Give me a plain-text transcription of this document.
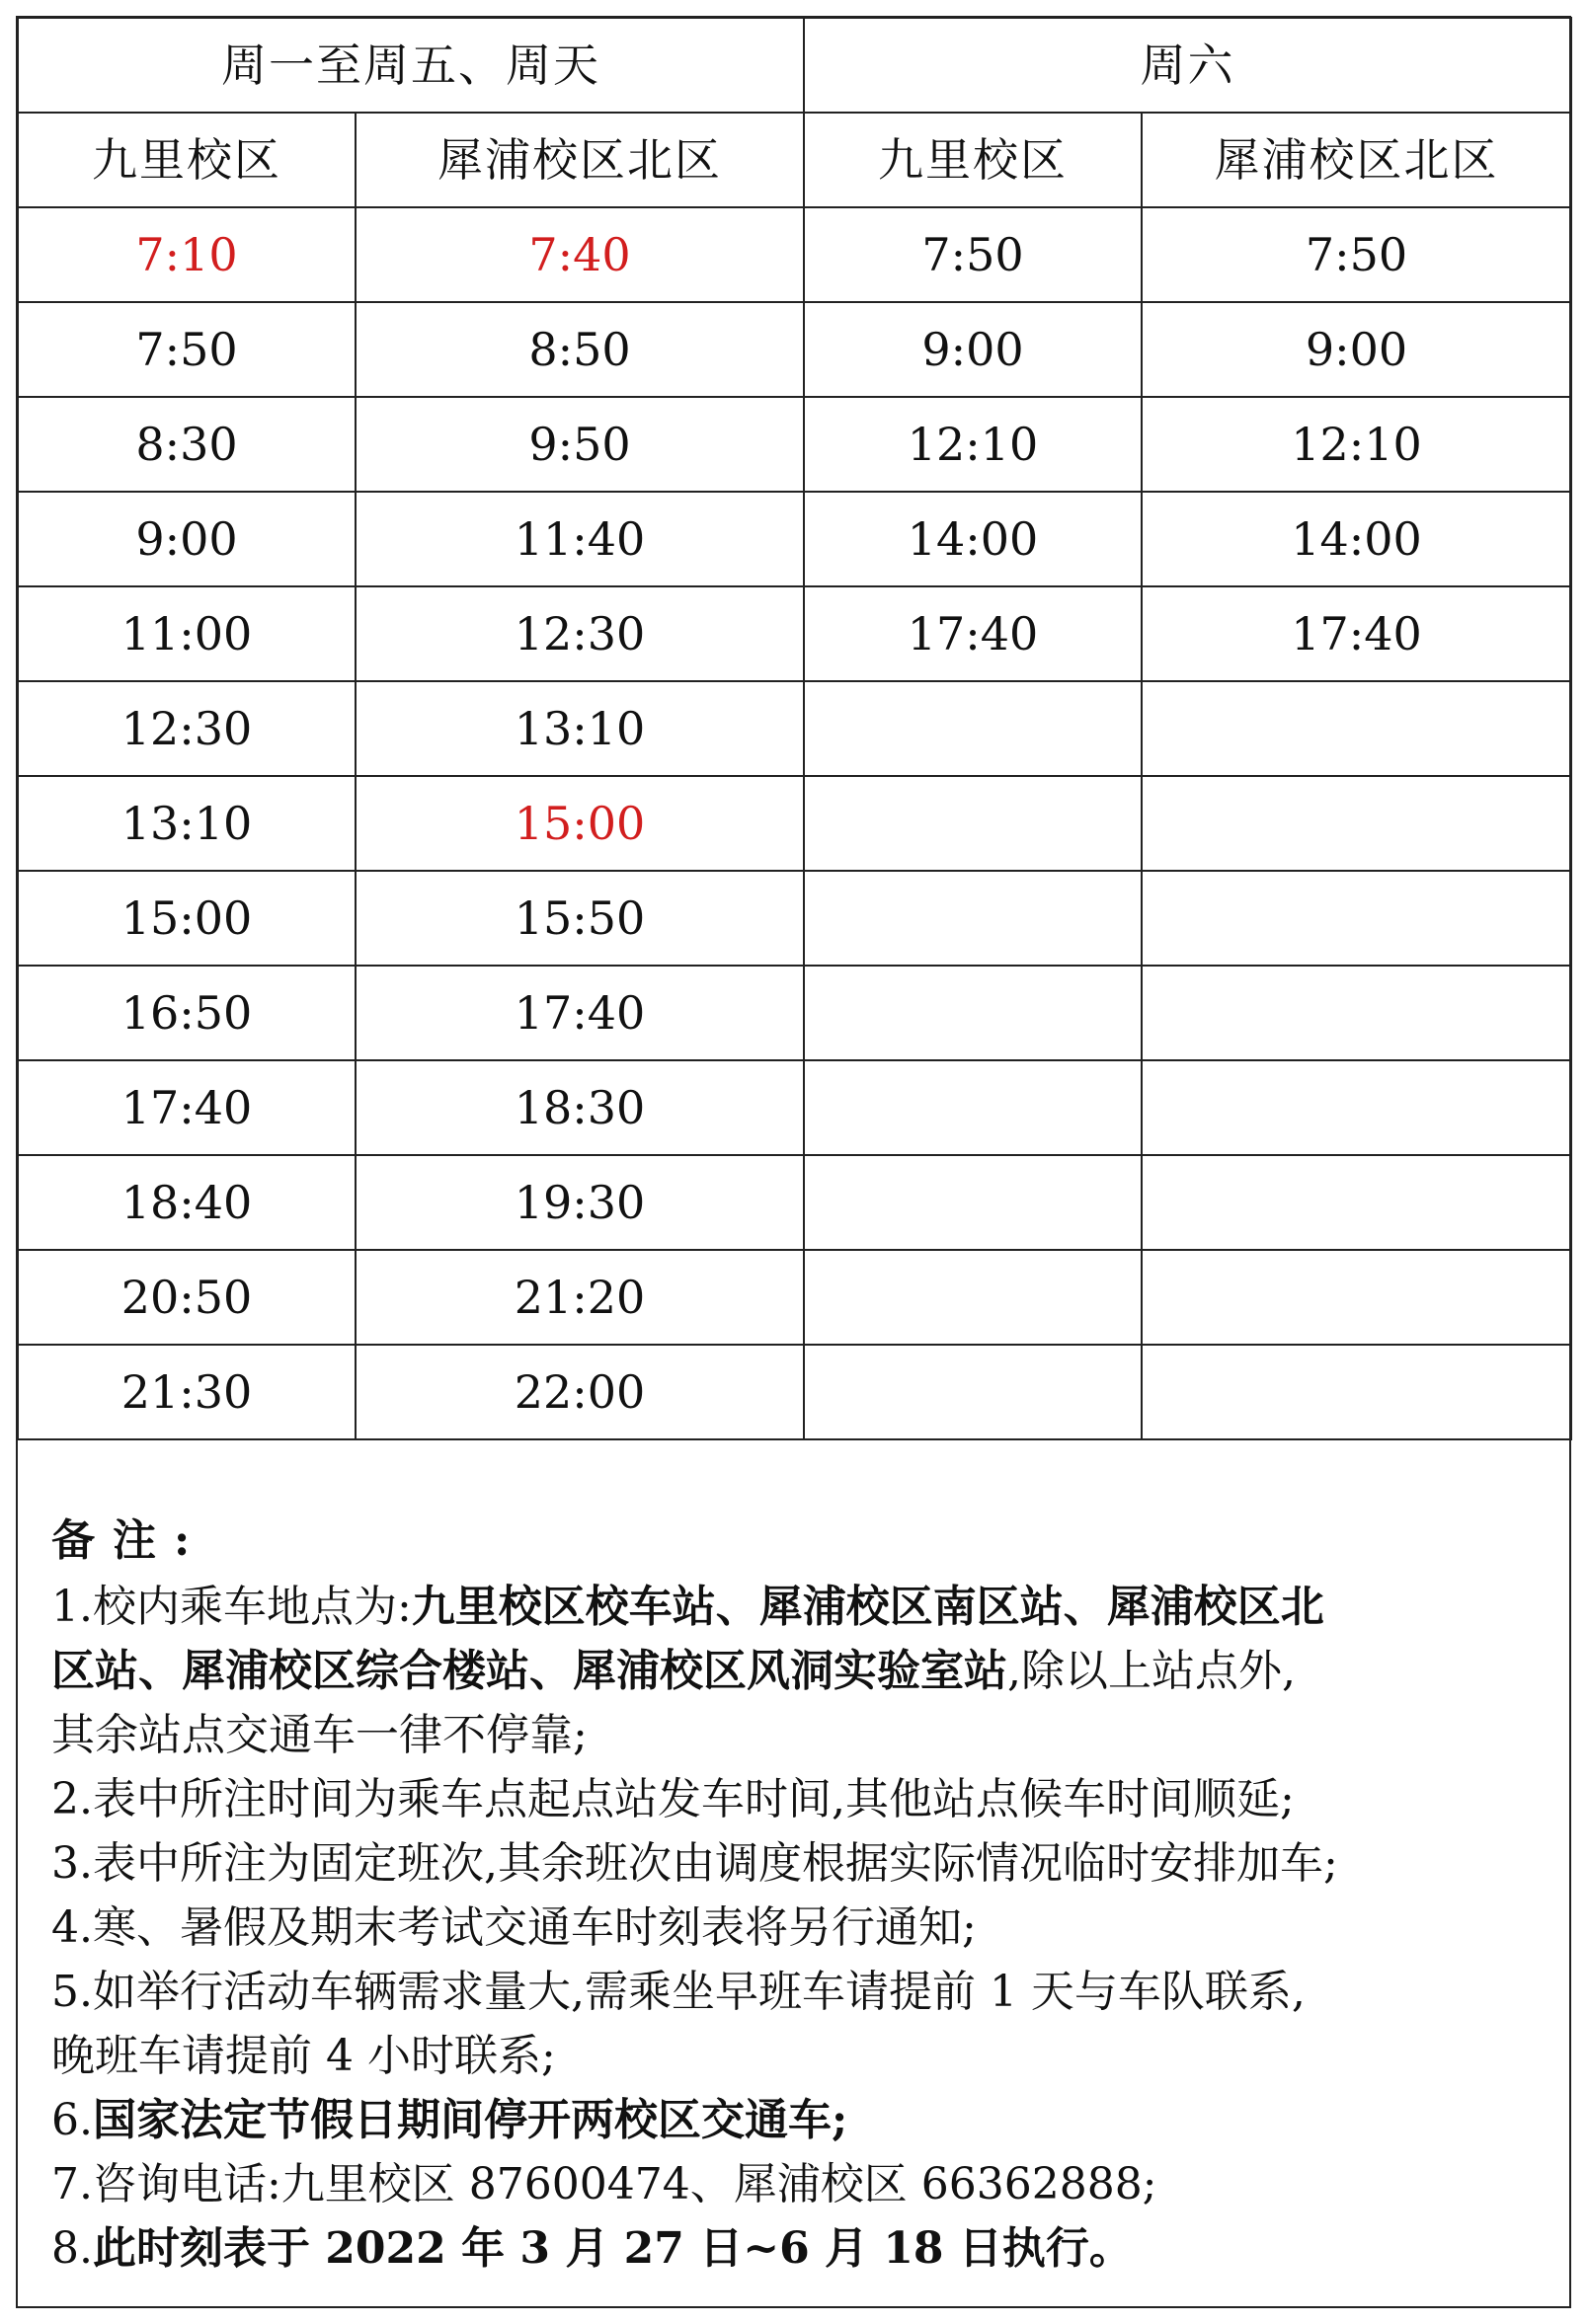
周一至周五、周天		周六	
九里校区	犀浦校区北区	九里校区	犀浦校区北区
7:10	7:40	7:50	7:50
7:50	8:50	9:00	9:00
8:30	9:50	12:10	12:10
9:00	11:40	14:00	14:00
11:00	12:30	17:40	17:40
12:30	13:10		
13:10	15:00		
15:00	15:50		
16:50	17:40		
17:40	18:30		
18:40	19:30		
20:50	21:20		
21:30	22:00		
备注:
1.校内乘车地点为:九里校区校车站、犀浦校区南区站、犀浦校区北
区站、犀浦校区综合楼站、犀浦校区风洞实验室站,除以上站点外,
其余站点交通车一律不停靠;
2.表中所注时间为乘车点起点站发车时间,其他站点候车时间顺延;
3.表中所注为固定班次,其余班次由调度根据实际情况临时安排加车;
4.寒、暑假及期末考试交通车时刻表将另行通知;
5.如举行活动车辆需求量大,需乘坐早班车请提前 1 天与车队联系,
晚班车请提前 4 小时联系;
6.国家法定节假日期间停开两校区交通车;
7.咨询电话:九里校区 87600474、犀浦校区 66362888;
8.此时刻表于 2022 年 3 月 27 日~6 月 18 日执行。
